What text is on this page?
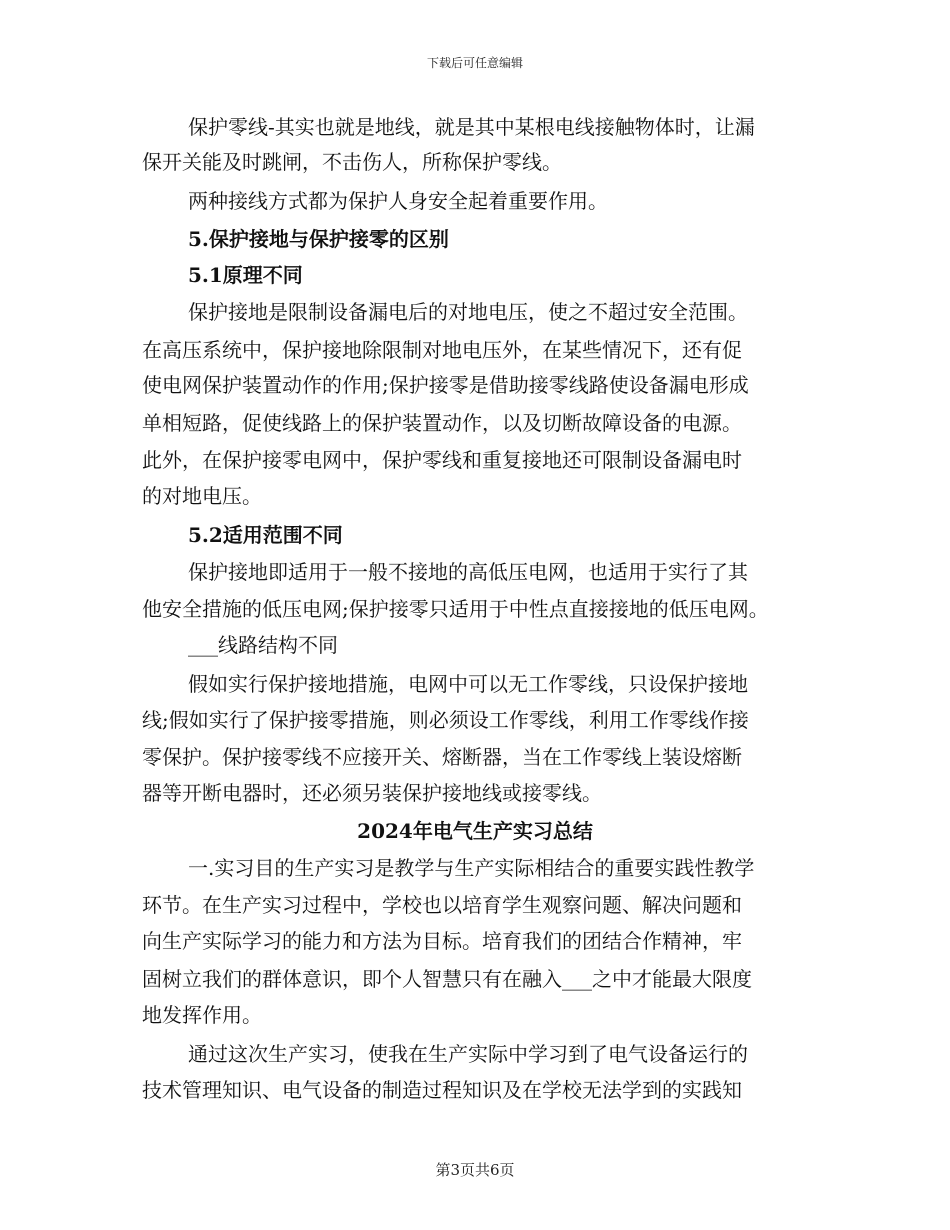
下载后可任意编辑
保护零线-其实也就是地线，就是其中某根电线接触物体时，让漏
保开关能及时跳闸，不击伤人，所称保护零线。
两种接线方式都为保护人身安全起着重要作用。
5.保护接地与保护接零的区别
5.1原理不同
保护接地是限制设备漏电后的对地电压，使之不超过安全范围。
在高压系统中，保护接地除限制对地电压外，在某些情况下，还有促
使电网保护装置动作的作用;保护接零是借助接零线路使设备漏电形成
单相短路，促使线路上的保护装置动作，以及切断故障设备的电源。
此外，在保护接零电网中，保护零线和重复接地还可限制设备漏电时
的对地电压。
5.2适用范围不同
保护接地即适用于一般不接地的高低压电网，也适用于实行了其
他安全措施的低压电网;保护接零只适用于中性点直接接地的低压电网。
___线路结构不同
假如实行保护接地措施，电网中可以无工作零线，只设保护接地
线;假如实行了保护接零措施，则必须设工作零线，利用工作零线作接
零保护。保护接零线不应接开关、熔断器，当在工作零线上装设熔断
器等开断电器时，还必须另装保护接地线或接零线。
2024年电气生产实习总结
一.实习目的生产实习是教学与生产实际相结合的重要实践性教学
环节。在生产实习过程中，学校也以培育学生观察问题、解决问题和
向生产实际学习的能力和方法为目标。培育我们的团结合作精神，牢
固树立我们的群体意识，即个人智慧只有在融入___之中才能最大限度
地发挥作用。
通过这次生产实习，使我在生产实际中学习到了电气设备运行的
技术管理知识、电气设备的制造过程知识及在学校无法学到的实践知
第3页共6页
